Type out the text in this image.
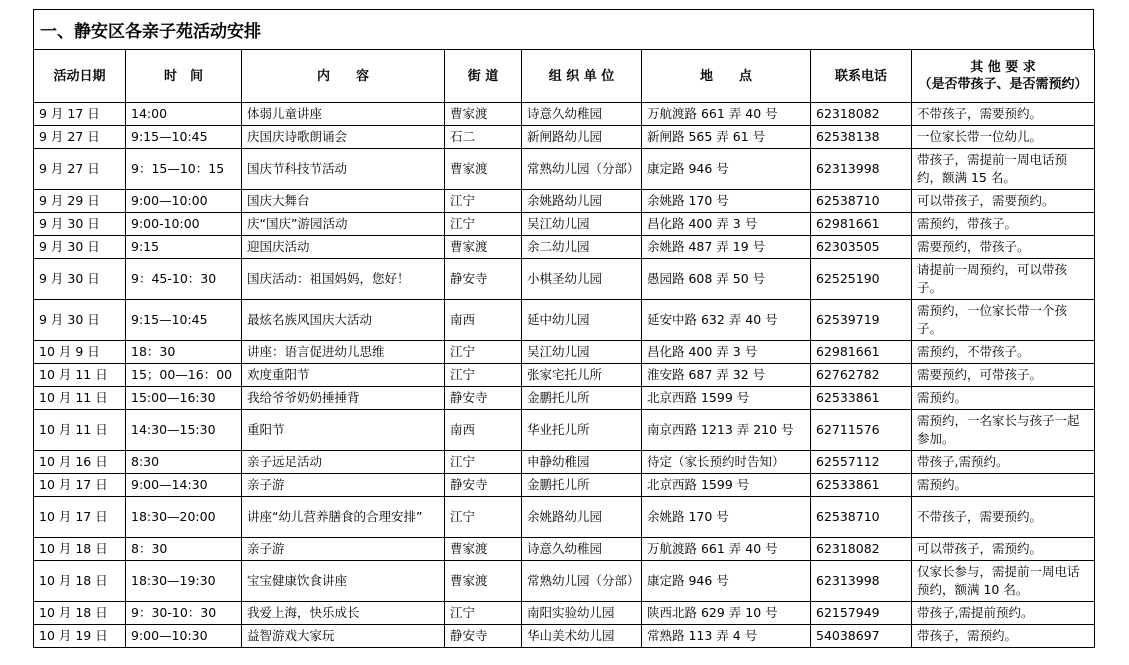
一、静安区各亲子苑活动安排
活动日期	时　间	内　　容	街 道	组 织 单 位	地　　点	联系电话	其 他 要 求
（是否带孩子、是否需预约）

9 月 17 日	14:00	体弱儿童讲座	曹家渡	诗意久幼稚园	万航渡路 661 弄 40 号	62318082	不带孩子，需要预约。
9 月 27 日	9:15—10:45	庆国庆诗歌朗诵会	石二	新闸路幼儿园	新闸路 565 弄 61 号	62538138	一位家长带一位幼儿。
9 月 27 日	9：15—10：15	国庆节科技节活动	曹家渡	常熟幼儿园（分部）	康定路 946 号	62313998	带孩子，需提前一周电话预约，额满 15 名。
9 月 29 日	9:00—10:00	国庆大舞台	江宁	余姚路幼儿园	余姚路 170 号	62538710	可以带孩子，需要预约。
9 月 30 日	9:00-10:00	庆“国庆”游园活动	江宁	吴江幼儿园	昌化路 400 弄 3 号	62981661	需预约，带孩子。
9 月 30 日	9:15	迎国庆活动	曹家渡	余二幼儿园	余姚路 487 弄 19 号	62303505	需要预约，带孩子。
9 月 30 日	9：45-10：30	国庆活动：祖国妈妈，您好！	静安寺	小棋圣幼儿园	愚园路 608 弄 50 号	62525190	请提前一周预约，可以带孩子。
9 月 30 日	9:15—10:45	最炫名族风国庆大活动	南西	延中幼儿园	延安中路 632 弄 40 号	62539719	需预约，一位家长带一个孩子。
10 月 9 日	18：30	讲座：语言促进幼儿思维	江宁	吴江幼儿园	昌化路 400 弄 3 号	62981661	需预约，不带孩子。
10 月 11 日	15；00—16：00	欢度重阳节	江宁	张家宅托儿所	淮安路 687 弄 32 号	62762782	需要预约，可带孩子。
10 月 11 日	15:00—16:30	我给爷爷奶奶捶捶背	静安寺	金鹏托儿所	北京西路 1599 号	62533861	需预约。
10 月 11 日	14:30—15:30	重阳节	南西	华业托儿所	南京西路 1213 弄 210 号	62711576	需预约，一名家长与孩子一起参加。
10 月 16 日	8:30	亲子远足活动	江宁	申静幼稚园	待定（家长预约时告知）	62557112	带孩子,需预约。
10 月 17 日	9:00—14:30	亲子游	静安寺	金鹏托儿所	北京西路 1599 号	62533861	需预约。
10 月 17 日	18:30—20:00	讲座“幼儿营养膳食的合理安排”	江宁	余姚路幼儿园	余姚路 170 号	62538710	不带孩子，需要预约。
10 月 18 日	8：30	亲子游	曹家渡	诗意久幼稚园	万航渡路 661 弄 40 号	62318082	可以带孩子，需预约。
10 月 18 日	18:30—19:30	宝宝健康饮食讲座	曹家渡	常熟幼儿园（分部）	康定路 946 号	62313998	仅家长参与，需提前一周电话预约，额满 10 名。
10 月 18 日	9：30-10：30	我爱上海，快乐成长	江宁	南阳实验幼儿园	陕西北路 629 弄 10 号	62157949	带孩子,需提前预约。
10 月 19 日	9:00—10:30	益智游戏大家玩	静安寺	华山美术幼儿园	常熟路 113 弄 4 号	54038697	带孩子，需预约。
